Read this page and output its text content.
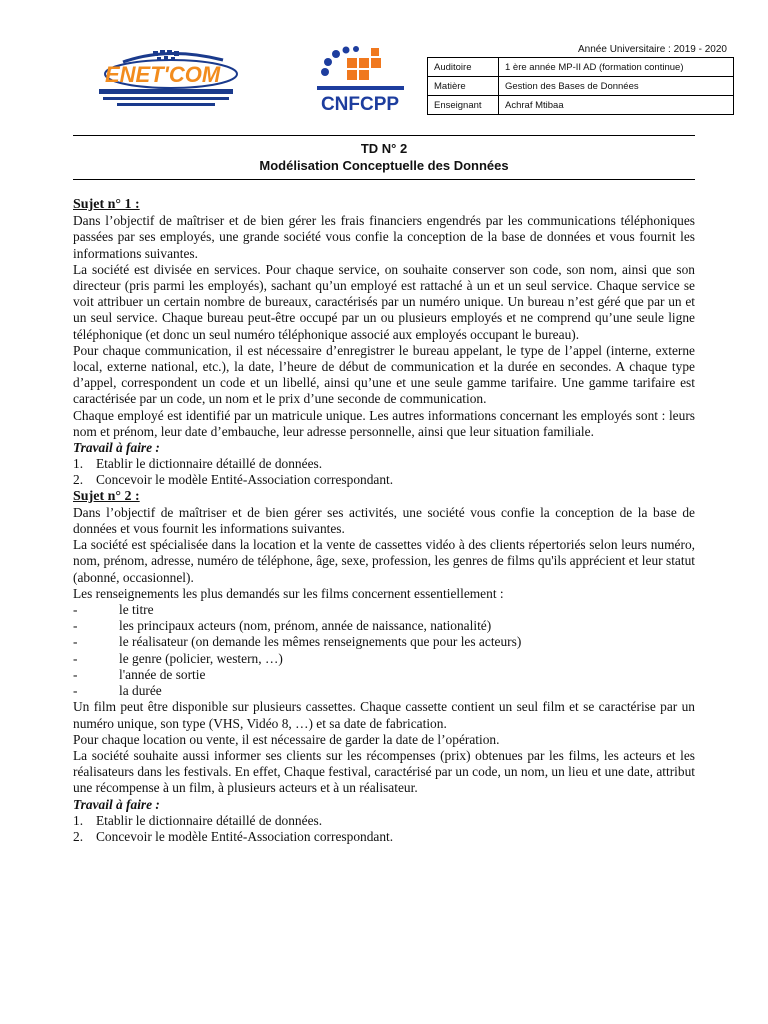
Année Universitaire : 2019 - 2020
ENET'COM
CNFCPP
Auditoire	1 ère année MP-II AD (formation continue)
Matière	Gestion des Bases de Données
Enseignant	Achraf Mtibaa
TD N° 2
Modélisation Conceptuelle des Données
Sujet n° 1 :

Dans l’objectif de maîtriser et de bien gérer les frais financiers engendrés par les communications téléphoniques passées par ses employés, une grande société vous confie la conception de la base de données et vous fournit les informations suivantes.

La société est divisée en services. Pour chaque service, on souhaite conserver son code, son nom, ainsi que son directeur (pris parmi les employés), sachant qu’un employé est rattaché à un et un seul service. Chaque service se voit attribuer un certain nombre de bureaux, caractérisés par un numéro unique. Un bureau n’est géré que par un et un seul service. Chaque bureau peut-être occupé par un ou plusieurs employés et ne comprend qu’une seule ligne téléphonique (et donc un seul numéro téléphonique associé aux employés occupant le bureau).

Pour chaque communication, il est nécessaire d’enregistrer le bureau appelant, le type de l’appel (interne, externe local, externe national, etc.), la date, l’heure de début de communication et la durée en secondes. A chaque type d’appel, correspondent un code et un libellé, ainsi qu’une et une seule gamme tarifaire. Une gamme tarifaire est caractérisée par un code, un nom et le prix d’une seconde de communication.

Chaque employé est identifié par un matricule unique. Les autres informations concernant les employés sont : leurs nom et prénom, leur date d’embauche, leur adresse personnelle, ainsi que leur situation familiale.

Travail à faire :
1. Etablir le dictionnaire détaillé de données.
2. Concevoir le modèle Entité-Association correspondant.
Sujet n° 2 :

Dans l’objectif de maîtriser et de bien gérer ses activités, une société vous confie la conception de la base de données et vous fournit les informations suivantes.

La société est spécialisée dans la location et la vente de cassettes vidéo à des clients répertoriés selon leurs numéro, nom, prénom, adresse, numéro de téléphone, âge, sexe, profession, les genres de films qu'ils apprécient et leur statut (abonné, occasionnel).

Les renseignements les plus demandés sur les films concernent essentiellement :

-	le titre
-	les principaux acteurs (nom, prénom, année de naissance, nationalité)
-	le réalisateur (on demande les mêmes renseignements que pour les acteurs)
-	le genre (policier, western, …)
-	l'année de sortie
-	la durée

Un film peut être disponible sur plusieurs cassettes. Chaque cassette contient un seul film et se caractérise par un numéro unique, son type (VHS, Vidéo 8, …) et sa date de fabrication.

Pour chaque location ou vente, il est nécessaire de garder la date de l’opération.

La société souhaite aussi informer ses clients sur les récompenses (prix) obtenues par les films, les acteurs et les réalisateurs dans les festivals. En effet, Chaque festival, caractérisé par un code, un nom, un lieu et une date, attribut une récompense à un film, à plusieurs acteurs et à un réalisateur.

Travail à faire :
1. Etablir le dictionnaire détaillé de données.
2. Concevoir le modèle Entité-Association correspondant.
